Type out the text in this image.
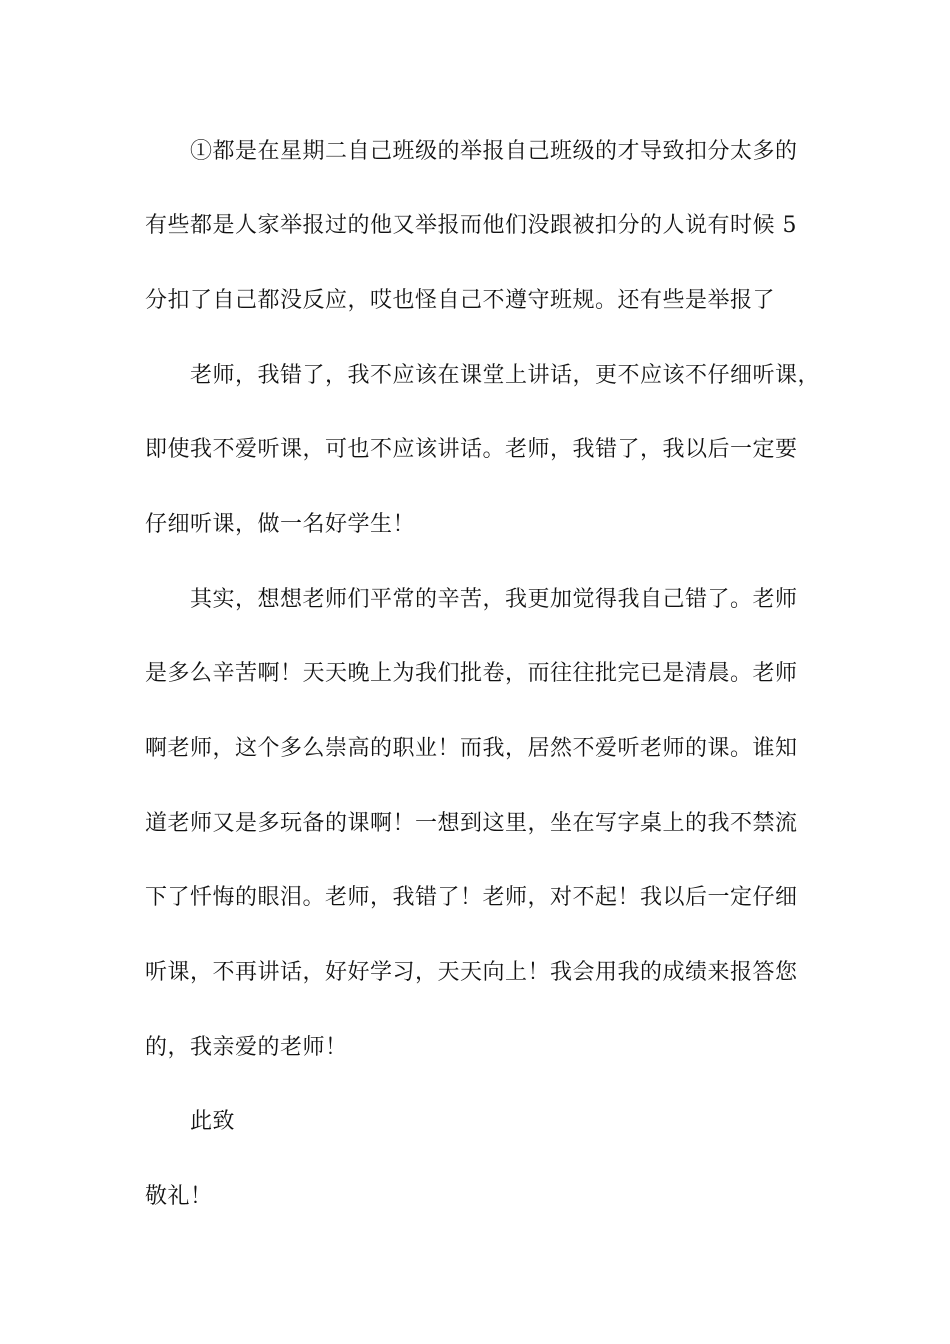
①都是在星期二自己班级的举报自己班级的才导致扣分太多的
有些都是人家举报过的他又举报而他们没跟被扣分的人说有时候 5
分扣了自己都没反应，哎也怪自己不遵守班规。还有些是举报了
老师，我错了，我不应该在课堂上讲话，更不应该不仔细听课，
即使我不爱听课，可也不应该讲话。老师，我错了，我以后一定要
仔细听课，做一名好学生！
其实，想想老师们平常的辛苦，我更加觉得我自己错了。老师
是多么辛苦啊！天天晚上为我们批卷，而往往批完已是清晨。老师
啊老师，这个多么崇高的职业！而我，居然不爱听老师的课。谁知
道老师又是多玩备的课啊！一想到这里，坐在写字桌上的我不禁流
下了忏悔的眼泪。老师，我错了！老师，对不起！我以后一定仔细
听课，不再讲话，好好学习，天天向上！我会用我的成绩来报答您
的，我亲爱的老师！
此致
敬礼！
